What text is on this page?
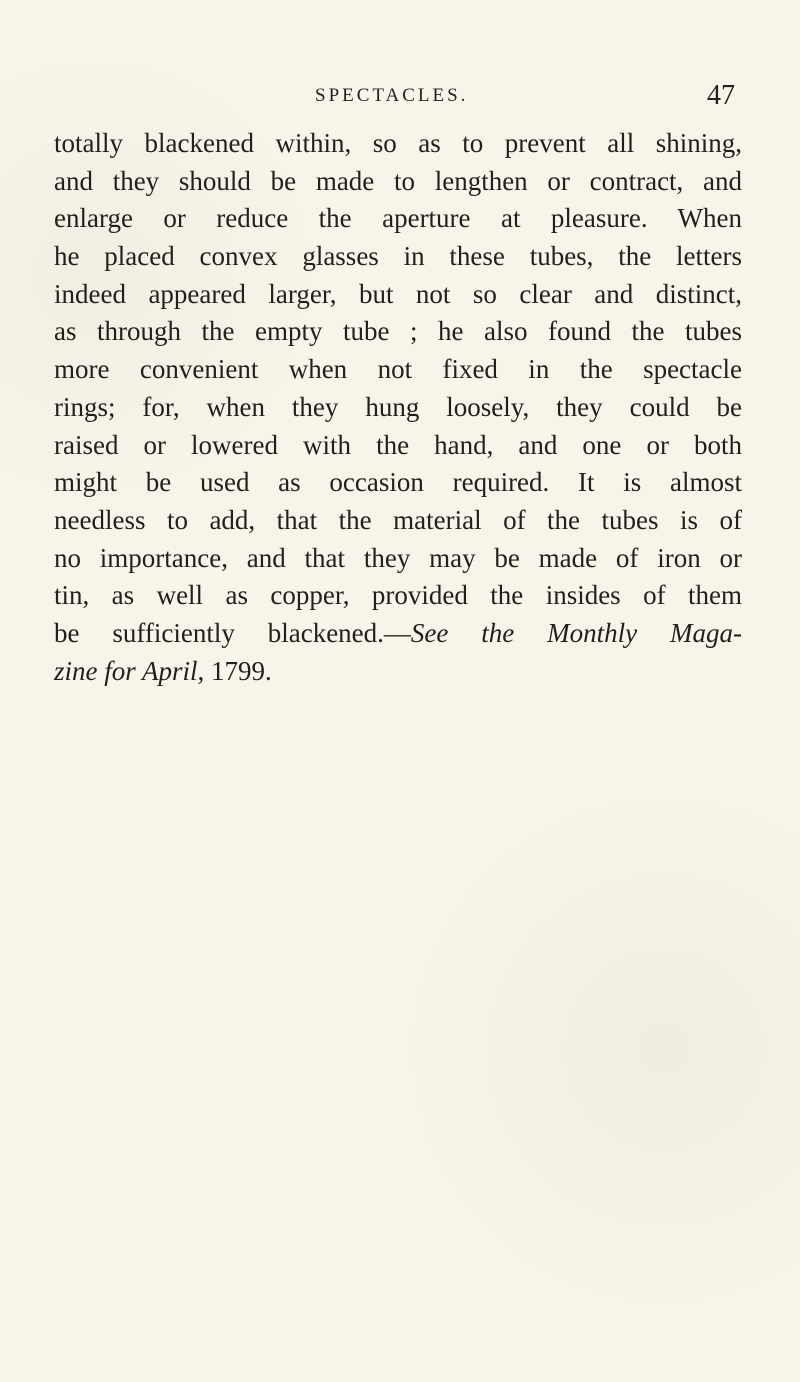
SPECTACLES.	47
totally blackened within, so as to prevent all shining,
and they should be made to lengthen or contract, and
enlarge or reduce the aperture at pleasure. When
he placed convex glasses in these tubes, the letters
indeed appeared larger, but not so clear and distinct,
as through the empty tube ; he also found the tubes
more convenient when not fixed in the spectacle
rings; for, when they hung loosely, they could be
raised or lowered with the hand, and one or both
might be used as occasion required. It is almost
needless to add, that the material of the tubes is of
no importance, and that they may be made of iron or
tin, as well as copper, provided the insides of them
be sufficiently blackened.—See the Monthly Maga-
zine for April, 1799.
